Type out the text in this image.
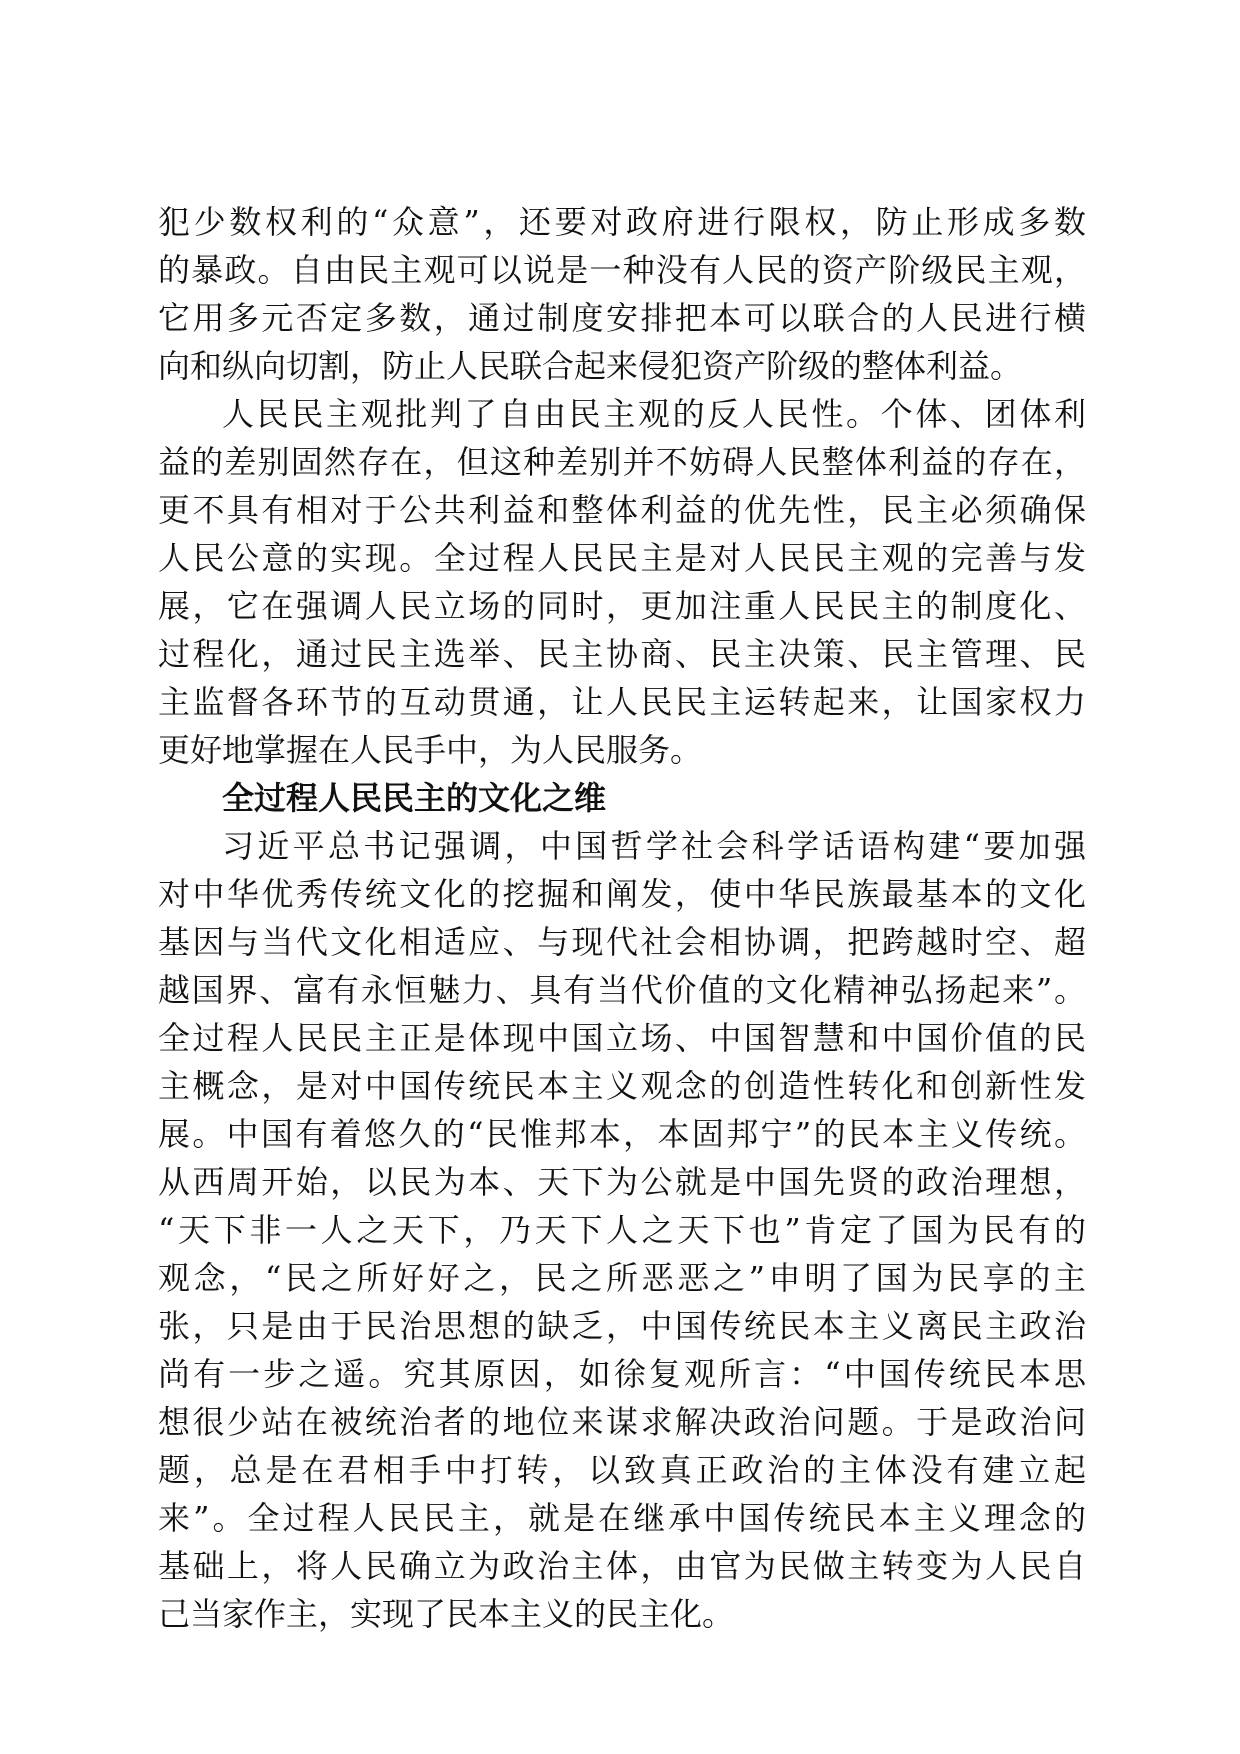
犯少数权利的“众意”，还要对政府进行限权，防止形成多数
的暴政。自由民主观可以说是一种没有人民的资产阶级民主观，
它用多元否定多数，通过制度安排把本可以联合的人民进行横
向和纵向切割，防止人民联合起来侵犯资产阶级的整体利益。
人民民主观批判了自由民主观的反人民性。个体、团体利
益的差别固然存在，但这种差别并不妨碍人民整体利益的存在，
更不具有相对于公共利益和整体利益的优先性，民主必须确保
人民公意的实现。全过程人民民主是对人民民主观的完善与发
展，它在强调人民立场的同时，更加注重人民民主的制度化、
过程化，通过民主选举、民主协商、民主决策、民主管理、民
主监督各环节的互动贯通，让人民民主运转起来，让国家权力
更好地掌握在人民手中，为人民服务。
全过程人民民主的文化之维
习近平总书记强调，中国哲学社会科学话语构建“要加强
对中华优秀传统文化的挖掘和阐发，使中华民族最基本的文化
基因与当代文化相适应、与现代社会相协调，把跨越时空、超
越国界、富有永恒魅力、具有当代价值的文化精神弘扬起来”。
全过程人民民主正是体现中国立场、中国智慧和中国价值的民
主概念，是对中国传统民本主义观念的创造性转化和创新性发
展。中国有着悠久的“民惟邦本，本固邦宁”的民本主义传统。
从西周开始，以民为本、天下为公就是中国先贤的政治理想，
“天下非一人之天下，乃天下人之天下也”肯定了国为民有的
观念，“民之所好好之，民之所恶恶之”申明了国为民享的主
张，只是由于民治思想的缺乏，中国传统民本主义离民主政治
尚有一步之遥。究其原因，如徐复观所言：“中国传统民本思
想很少站在被统治者的地位来谋求解决政治问题。于是政治问
题，总是在君相手中打转，以致真正政治的主体没有建立起
来”。全过程人民民主，就是在继承中国传统民本主义理念的
基础上，将人民确立为政治主体，由官为民做主转变为人民自
己当家作主，实现了民本主义的民主化。
